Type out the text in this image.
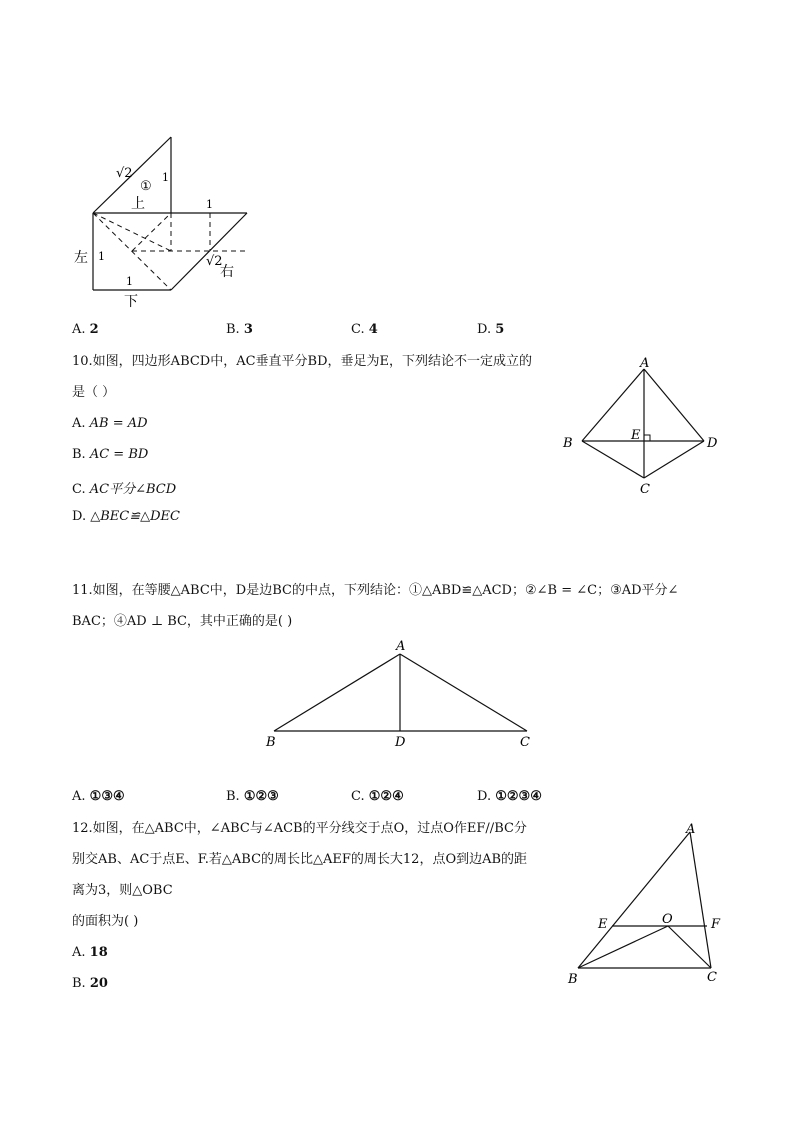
√2
①
1
上	1
左 1
1
下
√2
右
A. 2	B. 3	C. 4	D. 5
10.如图，四边形ABCD中，AC垂直平分BD，垂足为E，下列结论不一定成立的
是（ ）
A. AB = AD
B. AC = BD
C. AC平分∠BCD
D. △BEC≌△DEC
A
B
E
D
C
11.如图，在等腰△ABC中，D是边BC的中点，下列结论：①△ABD≌△ACD；②∠B = ∠C；③AD平分∠
BAC；④AD ⊥ BC，其中正确的是( )
A
B	D	C
A. ①③④	B. ①②③	C. ①②④	D. ①②③④
12.如图，在△ABC中，∠ABC与∠ACB的平分线交于点O，过点O作EF//BC分
别交AB、AC于点E、F.若△ABC的周长比△AEF的周长大12，点O到边AB的距
离为3，则△OBC
的面积为( )
A. 18
B. 20
A
E	O	F
B	C
